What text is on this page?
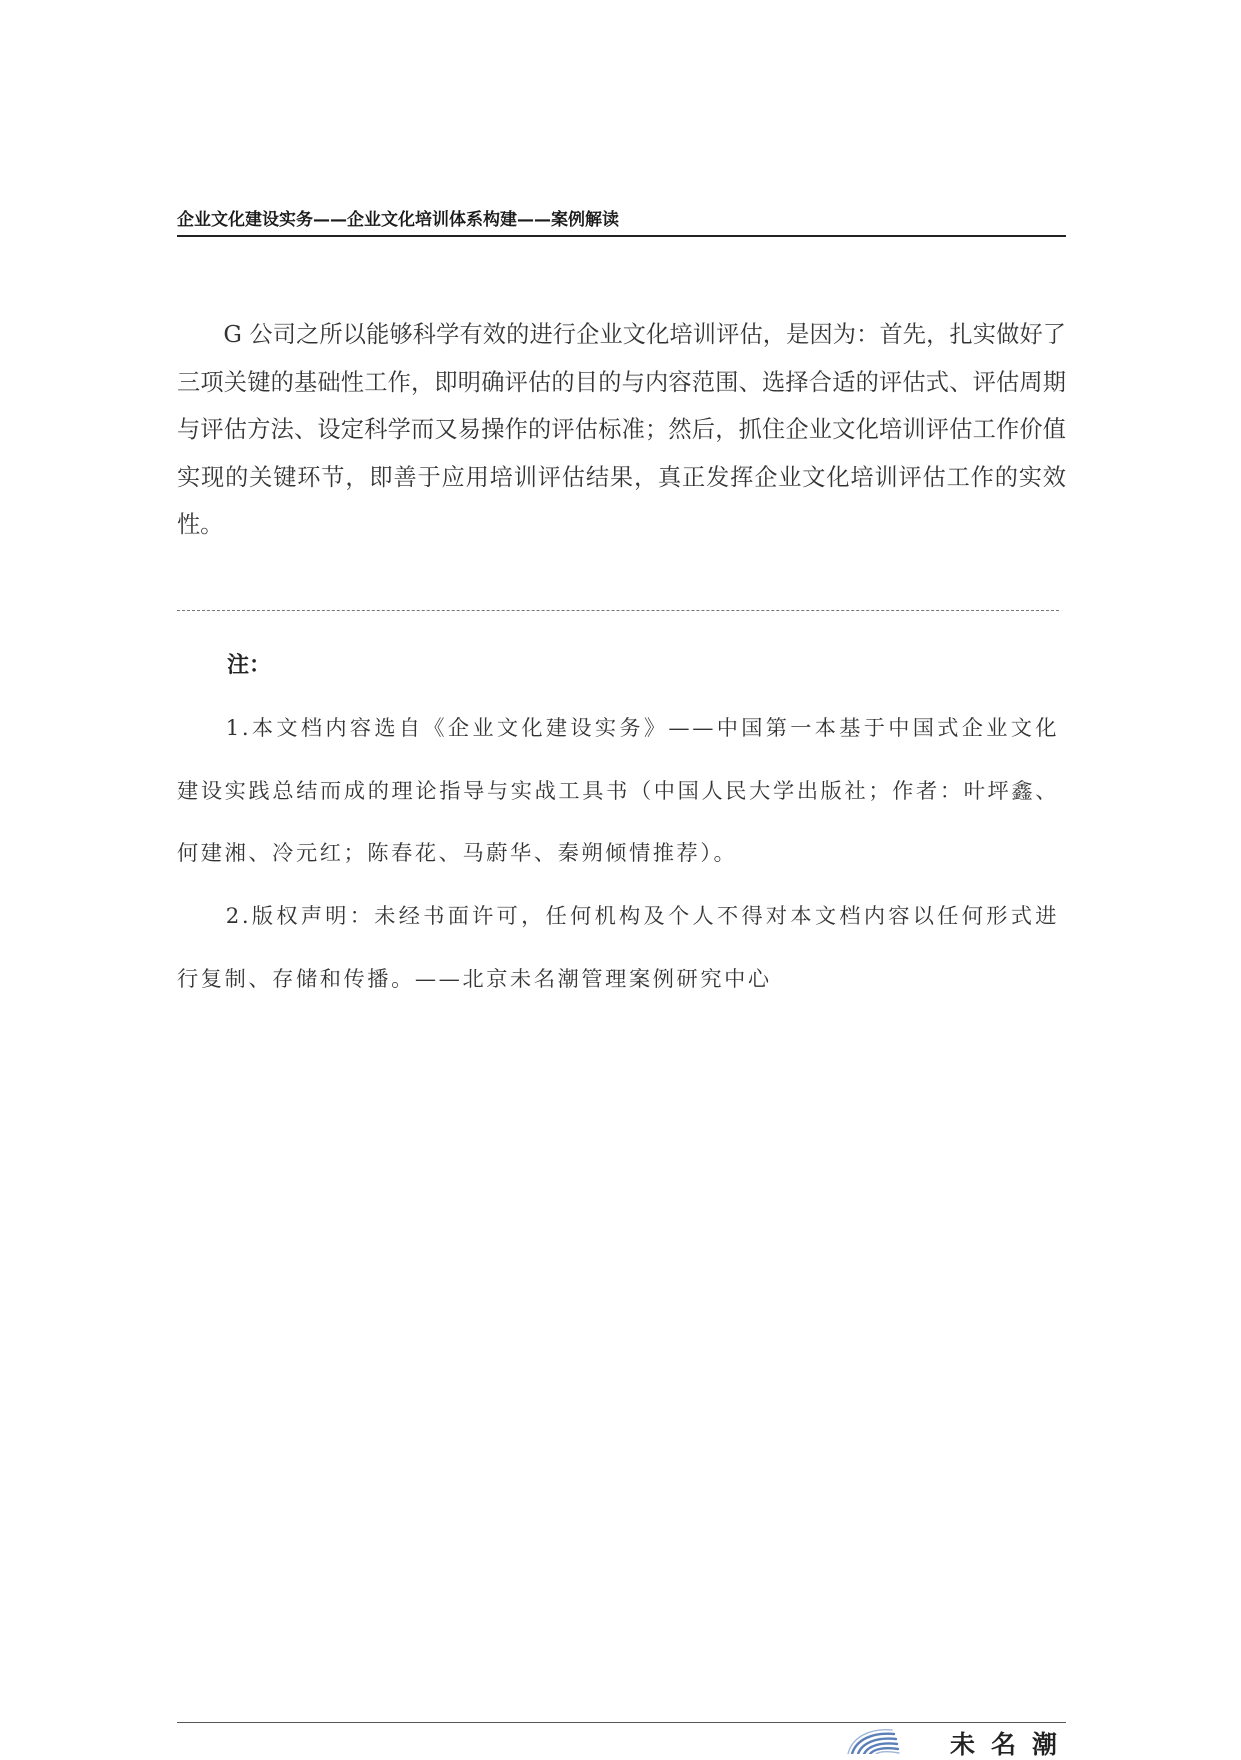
企业文化建设实务——企业文化培训体系构建——案例解读

G 公司之所以能够科学有效的进行企业文化培训评估，是因为：首先，扎实做好了三项关键的基础性工作，即明确评估的目的与内容范围、选择合适的评估式、评估周期与评估方法、设定科学而又易操作的评估标准；然后，抓住企业文化培训评估工作价值实现的关键环节，即善于应用培训评估结果，真正发挥企业文化培训评估工作的实效性。

注：

1.本文档内容选自《企业文化建设实务》——中国第一本基于中国式企业文化建设实践总结而成的理论指导与实战工具书（中国人民大学出版社；作者：叶坪鑫、何建湘、冷元红；陈春花、马蔚华、秦朔倾情推荐）。

2.版权声明：未经书面许可，任何机构及个人不得对本文档内容以任何形式进行复制、存储和传播。——北京未名潮管理案例研究中心

未名潮
